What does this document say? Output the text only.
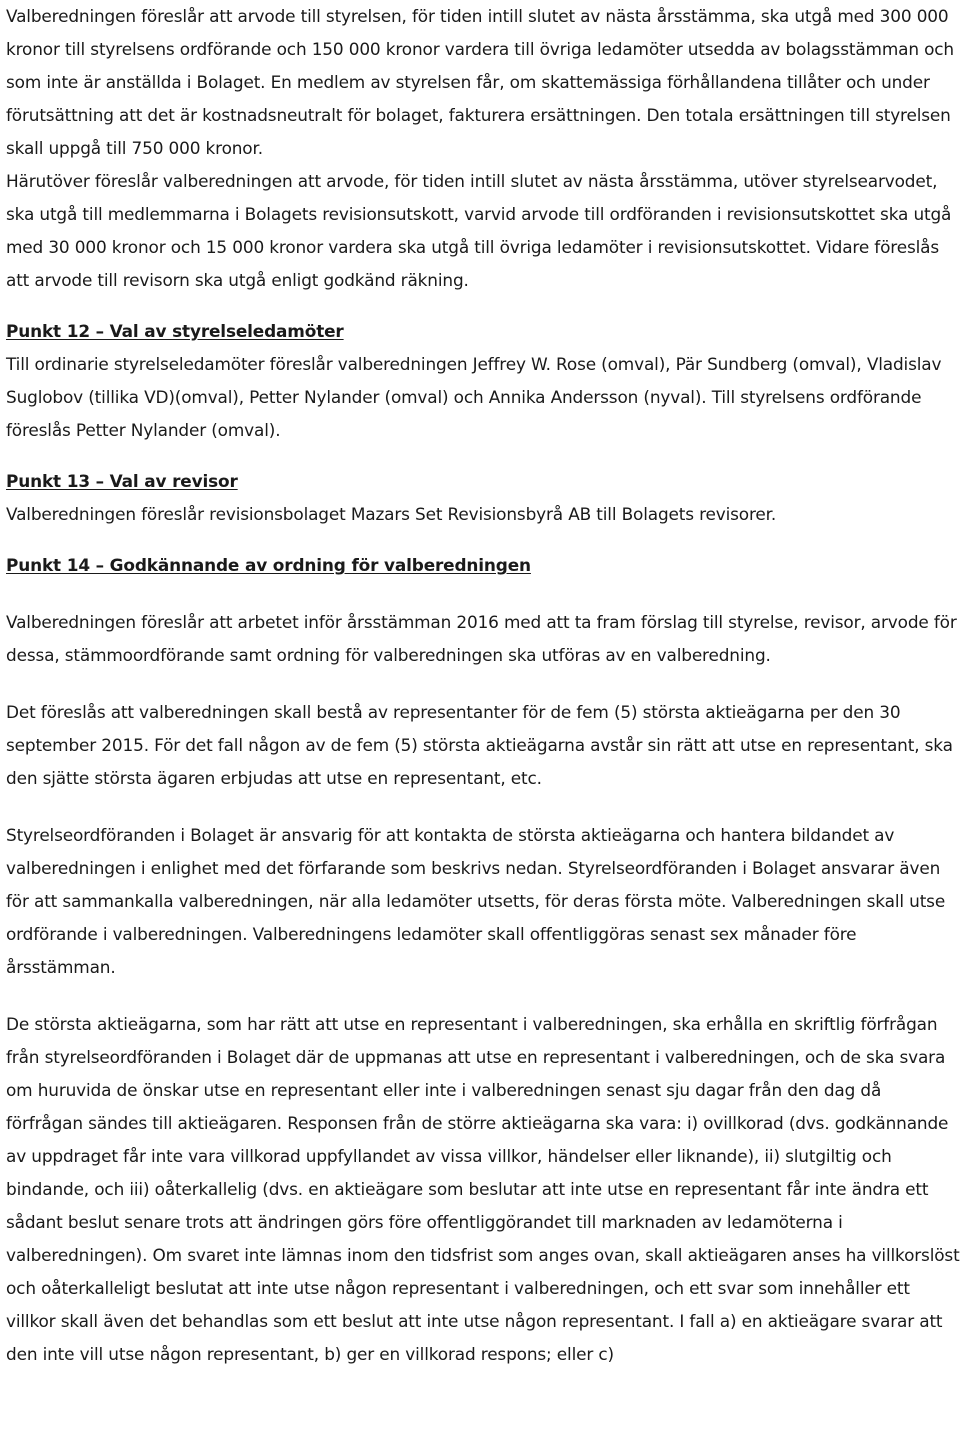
Valberedningen föreslår att arvode till styrelsen, för tiden intill slutet av nästa årsstämma, ska utgå med 300 000 kronor till styrelsens ordförande och 150 000 kronor vardera till övriga ledamöter utsedda av bolagsstämman och som inte är anställda i Bolaget. En medlem av styrelsen får, om skattemässiga förhållandena tillåter och under förutsättning att det är kostnadsneutralt för bolaget, fakturera ersättningen. Den totala ersättningen till styrelsen skall uppgå till 750 000 kronor.

Härutöver föreslår valberedningen att arvode, för tiden intill slutet av nästa årsstämma, utöver styrelsearvodet, ska utgå till medlemmarna i Bolagets revisionsutskott, varvid arvode till ordföranden i revisionsutskottet ska utgå med 30 000 kronor och 15 000 kronor vardera ska utgå till övriga ledamöter i revisionsutskottet. Vidare föreslås att arvode till revisorn ska utgå enligt godkänd räkning.

Punkt 12 – Val av styrelseledamöter

Till ordinarie styrelseledamöter föreslår valberedningen Jeffrey W. Rose (omval), Pär Sundberg (omval), Vladislav Suglobov (tillika VD)(omval), Petter Nylander (omval) och Annika Andersson (nyval). Till styrelsens ordförande föreslås Petter Nylander (omval).

Punkt 13 – Val av revisor

Valberedningen föreslår revisionsbolaget Mazars Set Revisionsbyrå AB till Bolagets revisorer.

Punkt 14 – Godkännande av ordning för valberedningen

Valberedningen föreslår att arbetet inför årsstämman 2016 med att ta fram förslag till styrelse, revisor, arvode för dessa, stämmoordförande samt ordning för valberedningen ska utföras av en valberedning.

Det föreslås att valberedningen skall bestå av representanter för de fem (5) största aktieägarna per den 30 september 2015. För det fall någon av de fem (5) största aktieägarna avstår sin rätt att utse en representant, ska den sjätte största ägaren erbjudas att utse en representant, etc.

Styrelseordföranden i Bolaget är ansvarig för att kontakta de största aktieägarna och hantera bildandet av valberedningen i enlighet med det förfarande som beskrivs nedan. Styrelseordföranden i Bolaget ansvarar även för att sammankalla valberedningen, när alla ledamöter utsetts, för deras första möte. Valberedningen skall utse ordförande i valberedningen. Valberedningens ledamöter skall offentliggöras senast sex månader före årsstämman.

De största aktieägarna, som har rätt att utse en representant i valberedningen, ska erhålla en skriftlig förfrågan från styrelseordföranden i Bolaget där de uppmanas att utse en representant i valberedningen, och de ska svara om huruvida de önskar utse en representant eller inte i valberedningen senast sju dagar från den dag då förfrågan sändes till aktieägaren. Responsen från de större aktieägarna ska vara: i) ovillkorad (dvs. godkännande av uppdraget får inte vara villkorad uppfyllandet av vissa villkor, händelser eller liknande), ii) slutgiltig och bindande, och iii) oåterkallelig (dvs. en aktieägare som beslutar att inte utse en representant får inte ändra ett sådant beslut senare trots att ändringen görs före offentliggörandet till marknaden av ledamöterna i valberedningen). Om svaret inte lämnas inom den tidsfrist som anges ovan, skall aktieägaren anses ha villkorslöst och oåterkalleligt beslutat att inte utse någon representant i valberedningen, och ett svar som innehåller ett villkor skall även det behandlas som ett beslut att inte utse någon representant. I fall a) en aktieägare svarar att den inte vill utse någon representant, b) ger en villkorad respons; eller c)
